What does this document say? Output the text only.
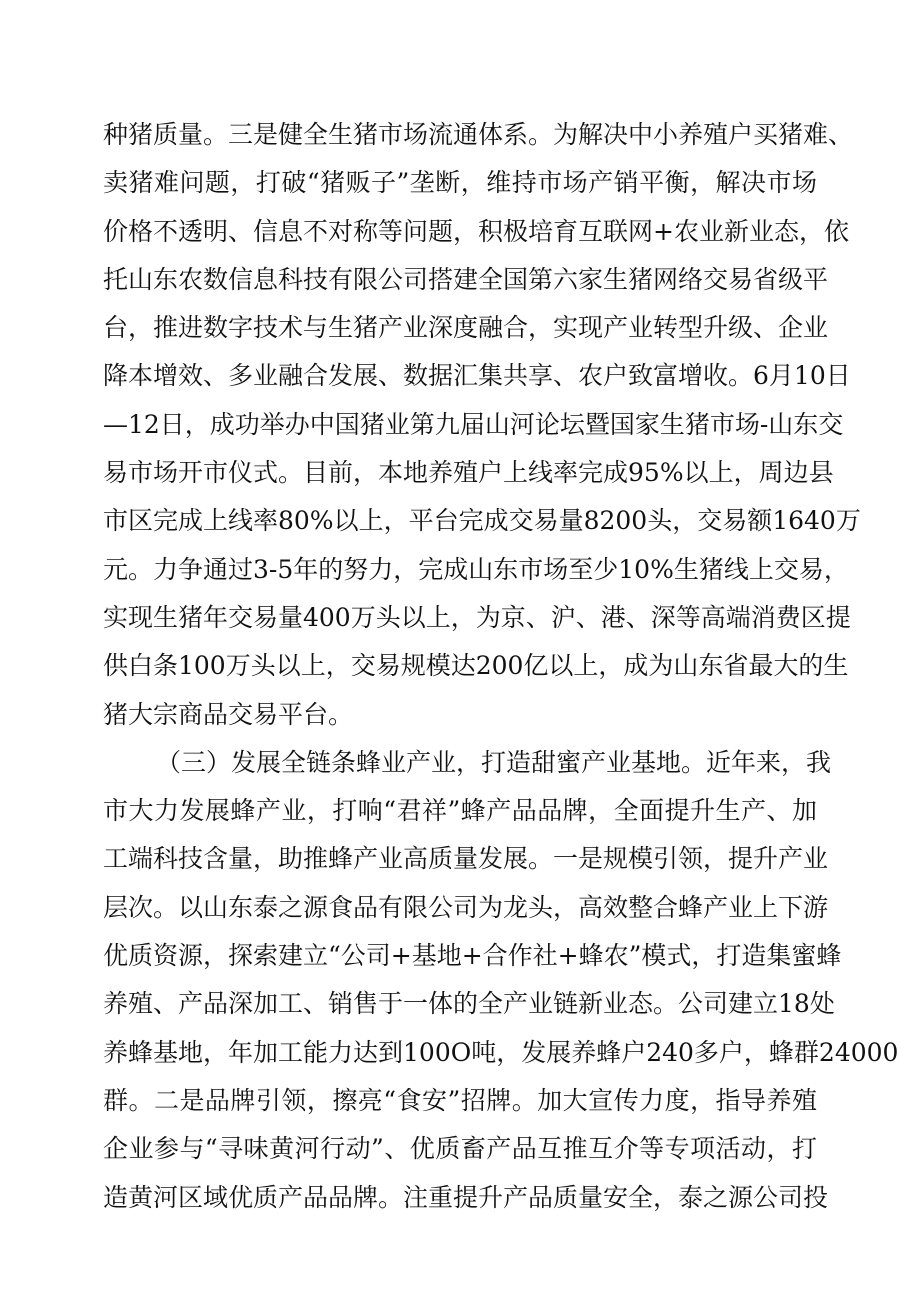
种猪质量。三是健全生猪市场流通体系。为解决中小养殖户买猪难、
卖猪难问题，打破“猪贩子”垄断，维持市场产销平衡，解决市场
价格不透明、信息不对称等问题，积极培育互联网+农业新业态，依
托山东农数信息科技有限公司搭建全国第六家生猪网络交易省级平
台，推进数字技术与生猪产业深度融合，实现产业转型升级、企业
降本增效、多业融合发展、数据汇集共享、农户致富增收。6月10日
—12日，成功举办中国猪业第九届山河论坛暨国家生猪市场-山东交
易市场开市仪式。目前，本地养殖户上线率完成95%以上，周边县
市区完成上线率80%以上，平台完成交易量8200头，交易额1640万
元。力争通过3-5年的努力，完成山东市场至少10%生猪线上交易，
实现生猪年交易量400万头以上，为京、沪、港、深等高端消费区提
供白条100万头以上，交易规模达200亿以上，成为山东省最大的生
猪大宗商品交易平台。
（三）发展全链条蜂业产业，打造甜蜜产业基地。近年来，我
市大力发展蜂产业，打响“君祥”蜂产品品牌，全面提升生产、加
工端科技含量，助推蜂产业高质量发展。一是规模引领，提升产业
层次。以山东泰之源食品有限公司为龙头，高效整合蜂产业上下游
优质资源，探索建立“公司+基地+合作社+蜂农”模式，打造集蜜蜂
养殖、产品深加工、销售于一体的全产业链新业态。公司建立18处
养蜂基地，年加工能力达到100O吨，发展养蜂户240多户，蜂群24000
群。二是品牌引领，擦亮“食安”招牌。加大宣传力度，指导养殖
企业参与“寻味黄河行动”、优质畜产品互推互介等专项活动，打
造黄河区域优质产品品牌。注重提升产品质量安全，泰之源公司投
